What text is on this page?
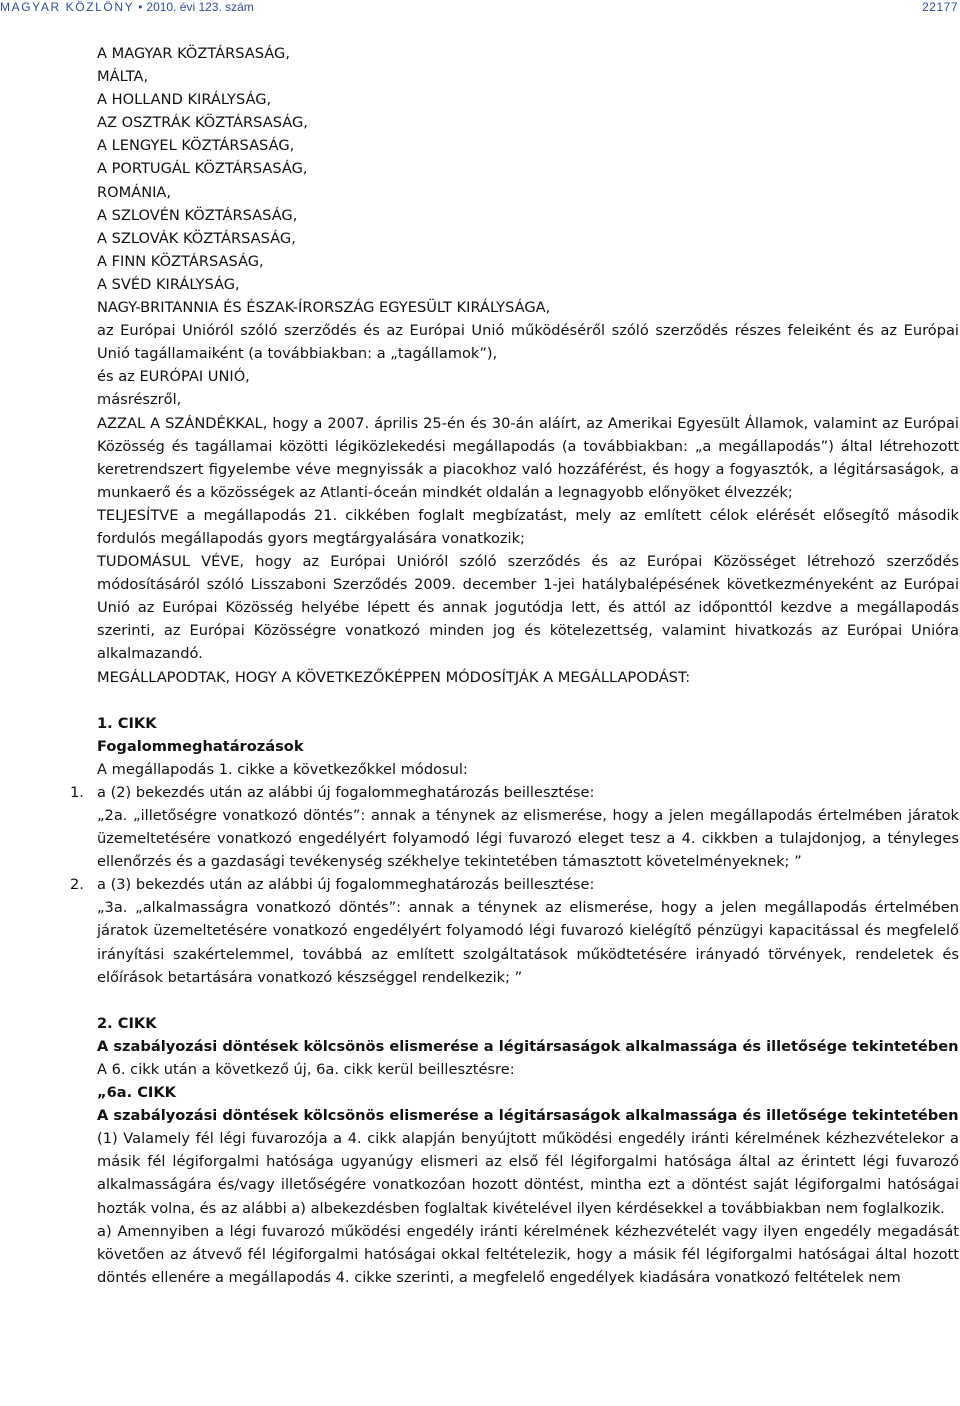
MAGYAR KÖZLÖNY • 2010. évi 123. szám	22177

A MAGYAR KÖZTÁRSASÁG,

MÁLTA,

A HOLLAND KIRÁLYSÁG,

AZ OSZTRÁK KÖZTÁRSASÁG,

A LENGYEL KÖZTÁRSASÁG,

A PORTUGÁL KÖZTÁRSASÁG,

ROMÁNIA,

A SZLOVÉN KÖZTÁRSASÁG,

A SZLOVÁK KÖZTÁRSASÁG,

A FINN KÖZTÁRSASÁG,

A SVÉD KIRÁLYSÁG,

NAGY-BRITANNIA ÉS ÉSZAK-ÍRORSZÁG EGYESÜLT KIRÁLYSÁGA,

az Európai Unióról szóló szerződés és az Európai Unió működéséről szóló szerződés részes feleiként és az Európai Unió tagállamaiként (a továbbiakban: a „tagállamok”),

és az EURÓPAI UNIÓ,

másrészről,

AZZAL A SZÁNDÉKKAL, hogy a 2007. április 25-én és 30-án aláírt, az Amerikai Egyesült Államok, valamint az Európai Közösség és tagállamai közötti légiközlekedési megállapodás (a továbbiakban: „a megállapodás”) által létrehozott keretrendszert figyelembe véve megnyissák a piacokhoz való hozzáférést, és hogy a fogyasztók, a légitársaságok, a munkaerő és a közösségek az Atlanti-óceán mindkét oldalán a legnagyobb előnyöket élvezzék;

TELJESÍTVE a megállapodás 21. cikkében foglalt megbízatást, mely az említett célok elérését elősegítő második fordulós megállapodás gyors megtárgyalására vonatkozik;

TUDOMÁSUL VÉVE, hogy az Európai Unióról szóló szerződés és az Európai Közösséget létrehozó szerződés módosításáról szóló Lisszaboni Szerződés 2009. december 1-jei hatálybalépésének következményeként az Európai Unió az Európai Közösség helyébe lépett és annak jogutódja lett, és attól az időponttól kezdve a megállapodás szerinti, az Európai Közösségre vonatkozó minden jog és kötelezettség, valamint hivatkozás az Európai Unióra alkalmazandó.

MEGÁLLAPODTAK, HOGY A KÖVETKEZŐKÉPPEN MÓDOSÍTJÁK A MEGÁLLAPODÁST:

1. CIKK

Fogalommeghatározások

A megállapodás 1. cikke a következőkkel módosul:

1. a (2) bekezdés után az alábbi új fogalommeghatározás beillesztése:

„2a. „illetőségre vonatkozó döntés”: annak a ténynek az elismerése, hogy a jelen megállapodás értelmében járatok üzemeltetésére vonatkozó engedélyért folyamodó légi fuvarozó eleget tesz a 4. cikkben a tulajdonjog, a tényleges ellenőrzés és a gazdasági tevékenység székhelye tekintetében támasztott követelményeknek; ”

2. a (3) bekezdés után az alábbi új fogalommeghatározás beillesztése:

„3a. „alkalmasságra vonatkozó döntés”: annak a ténynek az elismerése, hogy a jelen megállapodás értelmében járatok üzemeltetésére vonatkozó engedélyért folyamodó légi fuvarozó kielégítő pénzügyi kapacitással és megfelelő irányítási szakértelemmel, továbbá az említett szolgáltatások működtetésére irányadó törvények, rendeletek és előírások betartására vonatkozó készséggel rendelkezik; ”

2. CIKK

A szabályozási döntések kölcsönös elismerése a légitársaságok alkalmassága és illetősége tekintetében

A 6. cikk után a következő új, 6a. cikk kerül beillesztésre:

„6a. CIKK

A szabályozási döntések kölcsönös elismerése a légitársaságok alkalmassága és illetősége tekintetében

(1) Valamely fél légi fuvarozója a 4. cikk alapján benyújtott működési engedély iránti kérelmének kézhezvételekor a másik fél légiforgalmi hatósága ugyanúgy elismeri az első fél légiforgalmi hatósága által az érintett légi fuvarozó alkalmasságára és/vagy illetőségére vonatkozóan hozott döntést, mintha ezt a döntést saját légiforgalmi hatóságai hozták volna, és az alábbi a) albekezdésben foglaltak kivételével ilyen kérdésekkel a továbbiakban nem foglalkozik.

a) Amennyiben a légi fuvarozó működési engedély iránti kérelmének kézhezvételét vagy ilyen engedély megadását követően az átvevő fél légiforgalmi hatóságai okkal feltételezik, hogy a másik fél légiforgalmi hatóságai által hozott döntés ellenére a megállapodás 4. cikke szerinti, a megfelelő engedélyek kiadására vonatkozó feltételek nem
